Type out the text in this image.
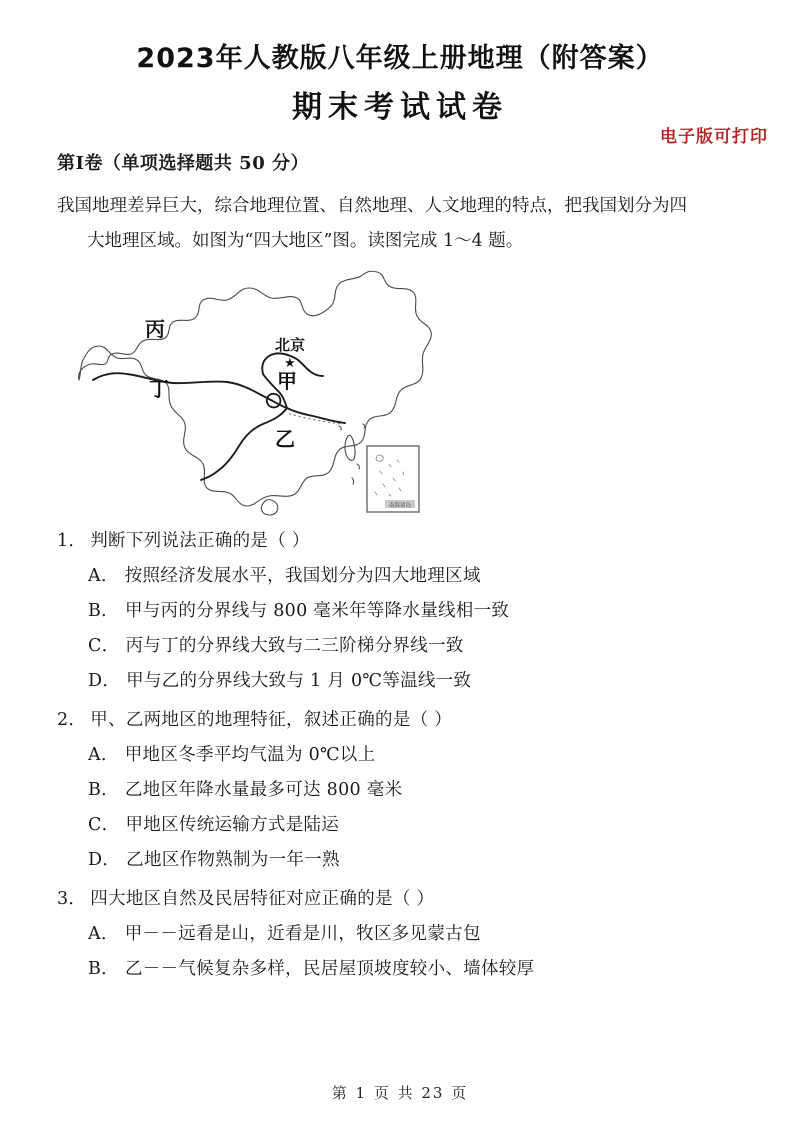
2023年人教版八年级上册地理（附答案）
期末考试试卷
电子版可打印
第Ⅰ卷（单项选择题共 50 分）
我国地理差异巨大，综合地理位置、自然地理、人文地理的特点，把我国划分为四
大地理区域。如图为“四大地区”图。读图完成 1～4 题。
丙
丁
北京
★
甲
乙
南海诸岛
1． 判断下列说法正确的是（ ）
A． 按照经济发展水平，我国划分为四大地理区域
B． 甲与丙的分界线与 800 毫米年等降水量线相一致
C． 丙与丁的分界线大致与二三阶梯分界线一致
D． 甲与乙的分界线大致与 1 月 0℃等温线一致
2． 甲、乙两地区的地理特征，叙述正确的是（ ）
A． 甲地区冬季平均气温为 0℃以上
B． 乙地区年降水量最多可达 800 毫米
C． 甲地区传统运输方式是陆运
D． 乙地区作物熟制为一年一熟
3． 四大地区自然及民居特征对应正确的是（ ）
A． 甲－－远看是山，近看是川，牧区多见蒙古包
B． 乙－－气候复杂多样，民居屋顶坡度较小、墙体较厚
第 1 页 共 23 页
